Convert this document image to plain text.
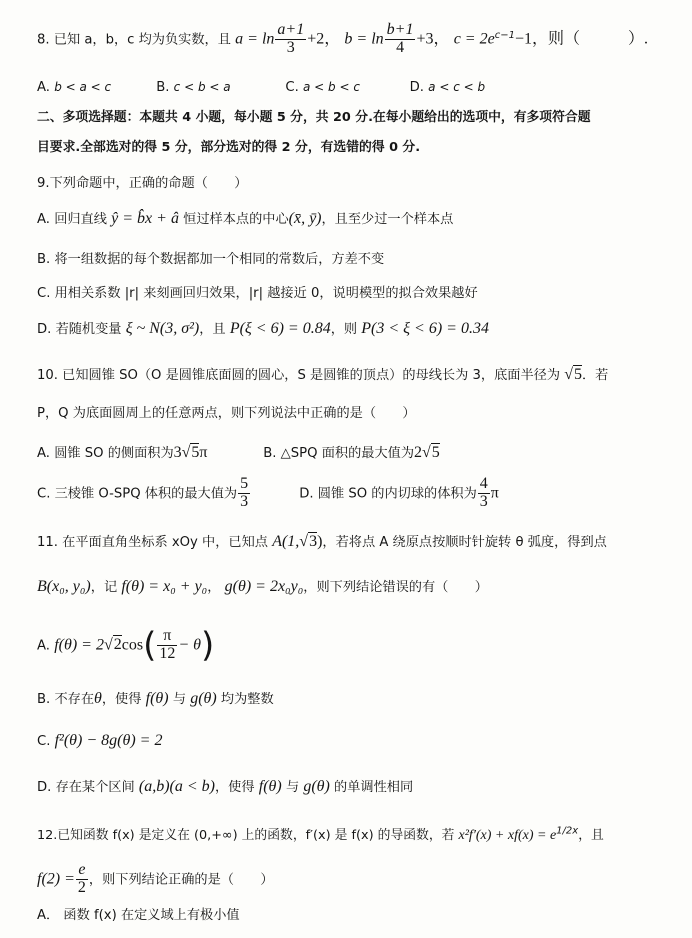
8. 已知 a，b，c 均为负实数，且 $a = \ln \frac{a+1}{3} +2$， $b = \ln \frac{b+1}{4} +3$， $c = 2e^{c-1}-1$，则（　　　）.
A. b < a < c	B. c < b < a	C. a < b < c	D. a < c < b
二、多项选择题：本题共 4 小题，每小题 5 分，共 20 分.在每小题给出的选项中，有多项符合题
目要求.全部选对的得 5 分，部分选对的得 2 分，有选错的得 0 分.
9.下列命题中，正确的命题（　　）
A. 回归直线 ŷ = b̂x + â 恒过样本点的中心(x̄, ȳ)，且至少过一个样本点
B. 将一组数据的每个数据都加一个相同的常数后，方差不变
C. 用相关系数 |r| 来刻画回归效果，|r| 越接近 0，说明模型的拟合效果越好
D. 若随机变量 ξ ~ N(3, σ²)，且 P(ξ < 6) = 0.84，则 P(3 < ξ < 6) = 0.34
10. 已知圆锥 SO（O 是圆锥底面圆的圆心，S 是圆锥的顶点）的母线长为 3，底面半径为 √5．若
P，Q 为底面圆周上的任意两点，则下列说法中正确的是（　　）
A. 圆锥 SO 的侧面积为3√5π	B. △SPQ 面积的最大值为2√5
C. 三棱锥 O-SPQ 体积的最大值为 $\frac{5}{3}$	D. 圆锥 SO 的内切球的体积为 $\frac{4}{3}$ π
11. 在平面直角坐标系 xOy 中，已知点 A(1,√3)，若将点 A 绕原点按顺时针旋转 θ 弧度，得到点
B(x₀, y₀)，记 f(θ) = x₀ + y₀， g(θ) = 2x₀y₀，则下列结论错误的有（　　）
A. $f(\theta) = 2√2\cos( \frac{\pi}{12} - \theta)$
B. 不存在θ，使得 f(θ) 与 g(θ) 均为整数
C. f²(θ) − 8g(θ) = 2
D. 存在某个区间 (a,b)(a < b)，使得 f(θ) 与 g(θ) 的单调性相同
12.已知函数 f(x) 是定义在 (0,+∞) 上的函数，f′(x) 是 f(x) 的导函数，若 $x^2f'(x) + xf(x) = e^{1/2x}$，且
$f(2) = \frac{e}{2}$ ，则下列结论正确的是（　　）
A． 函数 f(x) 在定义域上有极小值
